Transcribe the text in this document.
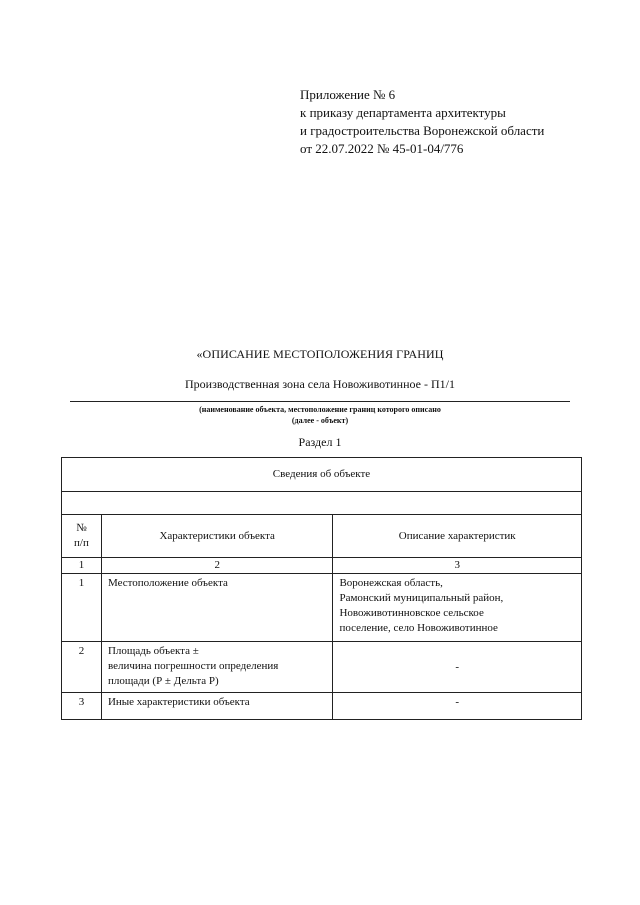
Приложение № 6
к приказу департамента архитектуры
и градостроительства Воронежской области
от 22.07.2022 № 45-01-04/776
«ОПИСАНИЕ МЕСТОПОЛОЖЕНИЯ ГРАНИЦ
Производственная зона села Новоживотинное - П1/1
(наименование объекта, местоположение границ которого описано
(далее - объект)
Раздел 1
Сведения об объекте		

№
п/п	Характеристики объекта	Описание характеристик
1	2	3
1	Местоположение объекта	Воронежская область,
Рамонский муниципальный район,
Новоживотинновское сельское
поселение, село Новоживотинное

2	Площадь объекта ±
величина погрешности определения
площади (Р ± Дельта Р)	-
3	Иные характеристики объекта	-
